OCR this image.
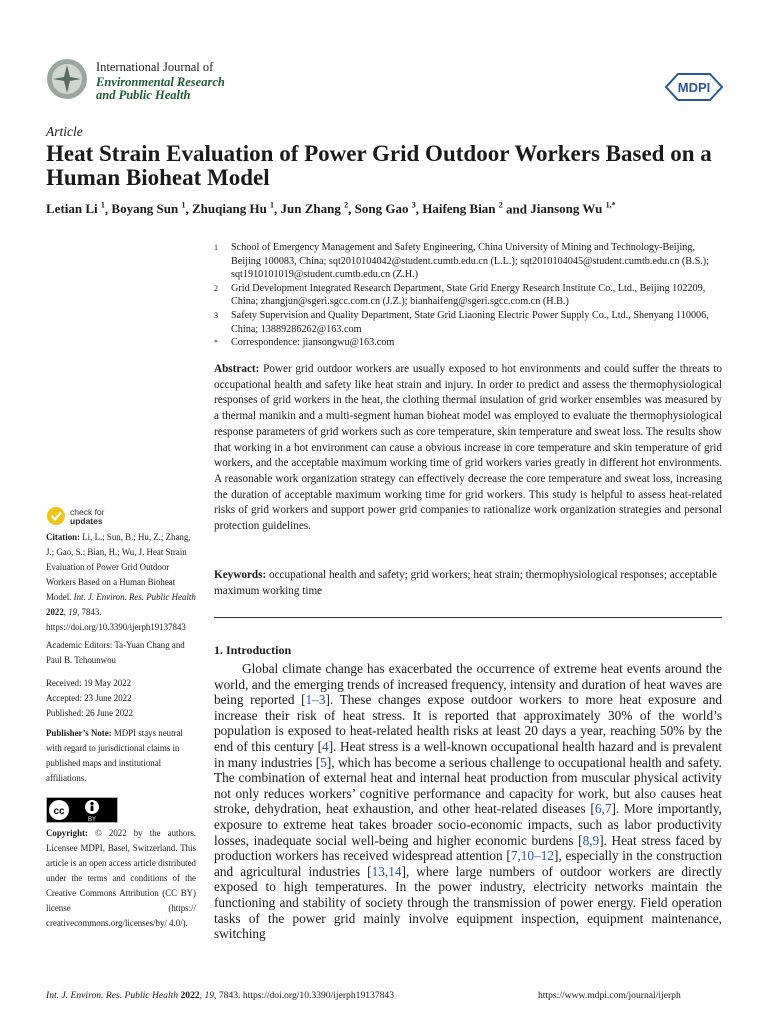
International Journal of
Environmental Research
and Public Health	MDPI
Article
Heat Strain Evaluation of Power Grid Outdoor Workers Based on a Human Bioheat Model
Letian Li $^1$, Boyang Sun $^1$, Zhuqiang Hu $^1$, Jun Zhang $^2$, Song Gao $^3$, Haifeng Bian $^2$ and Jiansong Wu $^{1,*}$
1	School of Emergency Management and Safety Engineering, China University of Mining and Technology-Beijing, Beijing 100083, China; sqt2010104042@student.cumtb.edu.cn (L.L.); sqt2010104045@student.cumtb.edu.cn (B.S.); sqt1910101019@student.cumtb.edu.cn (Z.H.)
2	Grid Development Integrated Research Department, State Grid Energy Research Institute Co., Ltd., Beijing 102209, China; zhangjun@sgeri.sgcc.com.cn (J.Z.); bianhaifeng@sgeri.sgcc.com.cn (H.B.)
3	Safety Supervision and Quality Department, State Grid Liaoning Electric Power Supply Co., Ltd., Shenyang 110006, China; 13889286262@163.com
*	Correspondence: jiansongwu@163.com
Abstract: Power grid outdoor workers are usually exposed to hot environments and could suffer the threats to occupational health and safety like heat strain and injury. In order to predict and assess the thermophysiological responses of grid workers in the heat, the clothing thermal insulation of grid worker ensembles was measured by a thermal manikin and a multi-segment human bioheat model was employed to evaluate the thermophysiological response parameters of grid workers such as core temperature, skin temperature and sweat loss. The results show that working in a hot environment can cause a obvious increase in core temperature and skin temperature of grid workers, and the acceptable maximum working time of grid workers varies greatly in different hot environments. A reasonable work organization strategy can effectively decrease the core temperature and sweat loss, increasing the duration of acceptable maximum working time for grid workers. This study is helpful to assess heat-related risks of grid workers and support power grid companies to rationalize work organization strategies and personal protection guidelines.
Keywords: occupational health and safety; grid workers; heat strain; thermophysiological responses; acceptable maximum working time
1. Introduction
Global climate change has exacerbated the occurrence of extreme heat events around the world, and the emerging trends of increased frequency, intensity and duration of heat waves are being reported [1–3]. These changes expose outdoor workers to more heat exposure and increase their risk of heat stress. It is reported that approximately 30% of the world’s population is exposed to heat-related health risks at least 20 days a year, reaching 50% by the end of this century [4]. Heat stress is a well-known occupational health hazard and is prevalent in many industries [5], which has become a serious challenge to occupational health and safety. The combination of external heat and internal heat production from muscular physical activity not only reduces workers’ cognitive performance and capacity for work, but also causes heat stroke, dehydration, heat exhaustion, and other heat-related diseases [6,7]. More importantly, exposure to extreme heat takes broader socio-economic impacts, such as labor productivity losses, inadequate social well-being and higher economic burdens [8,9]. Heat stress faced by production workers has received widespread attention [7,10–12], especially in the construction and agricultural industries [13,14], where large numbers of outdoor workers are directly exposed to high temperatures. In the power industry, electricity networks maintain the functioning and stability of society through the transmission of power energy. Field operation tasks of the power grid mainly involve equipment inspection, equipment maintenance, switching
check for
updates
Citation: Li, L.; Sun, B.; Hu, Z.; Zhang, J.; Gao, S.; Bian, H.; Wu, J. Heat Strain Evaluation of Power Grid Outdoor Workers Based on a Human Bioheat Model. Int. J. Environ. Res. Public Health 2022, 19, 7843. https://doi.org/10.3390/ijerph19137843
Academic Editors: Ta-Yuan Chang and Paul B. Tchounwou
Received: 19 May 2022
Accepted: 23 June 2022
Published: 26 June 2022
Publisher’s Note: MDPI stays neutral with regard to jurisdictional claims in published maps and institutional affiliations.
cc
BY
Copyright: © 2022 by the authors. Licensee MDPI, Basel, Switzerland. This article is an open access article distributed under the terms and conditions of the Creative Commons Attribution (CC BY) license (https:// creativecommons.org/licenses/by/ 4.0/).
Int. J. Environ. Res. Public Health 2022, 19, 7843. https://doi.org/10.3390/ijerph19137843	https://www.mdpi.com/journal/ijerph
